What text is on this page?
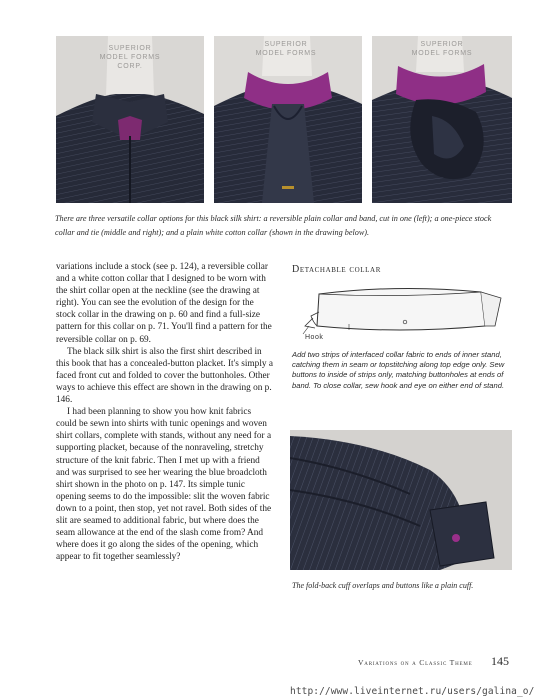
SUPERIOR
MODEL FORMS
CORP.
SUPERIOR
MODEL FORMS
SUPERIOR
MODEL FORMS
There are three versatile collar options for this black silk shirt: a reversible plain collar and band, cut in one (left); a one-piece stock collar and tie (middle and right); and a plain white cotton collar (shown in the drawing below).

variations include a stock (see p. 124), a reversible collar and a white cotton collar that I designed to be worn with the shirt collar open at the neckline (see the drawing at right). You can see the evolution of the design for the stock collar in the drawing on p. 60 and find a full-size pattern for this collar on p. 71. You'll find a pattern for the reversible collar on p. 69.

The black silk shirt is also the first shirt described in this book that has a concealed-button placket. It's simply a faced front cut and folded to cover the buttonholes. Other ways to achieve this effect are shown in the drawing on p. 146.

I had been planning to show you how knit fabrics could be sewn into shirts with tunic openings and woven shirt collars, complete with stands, without any need for a supporting placket, because of the nonraveling, stretchy structure of the knit fabric. Then I met up with a friend and was surprised to see her wearing the blue broadcloth shirt shown in the photo on p. 147. Its simple tunic opening seems to do the impossible: slit the woven fabric down to a point, then stop, yet not ravel. Both sides of the slit are seamed to additional fabric, but where does the seam allowance at the end of the slash come from? And where does it go along the sides of the opening, which appear to fit together seamlessly?

Detachable collar
Hook
Add two strips of interfaced collar fabric to ends of inner stand, catching them in seam or topstitching along top edge only. Sew buttons to inside of strips only, matching buttonholes at ends of band. To close collar, sew hook and eye on either end of stand.
The fold-back cuff overlaps and buttons like a plain cuff.
Variations on a Classic Theme 145
http://www.liveinternet.ru/users/galina_o/
